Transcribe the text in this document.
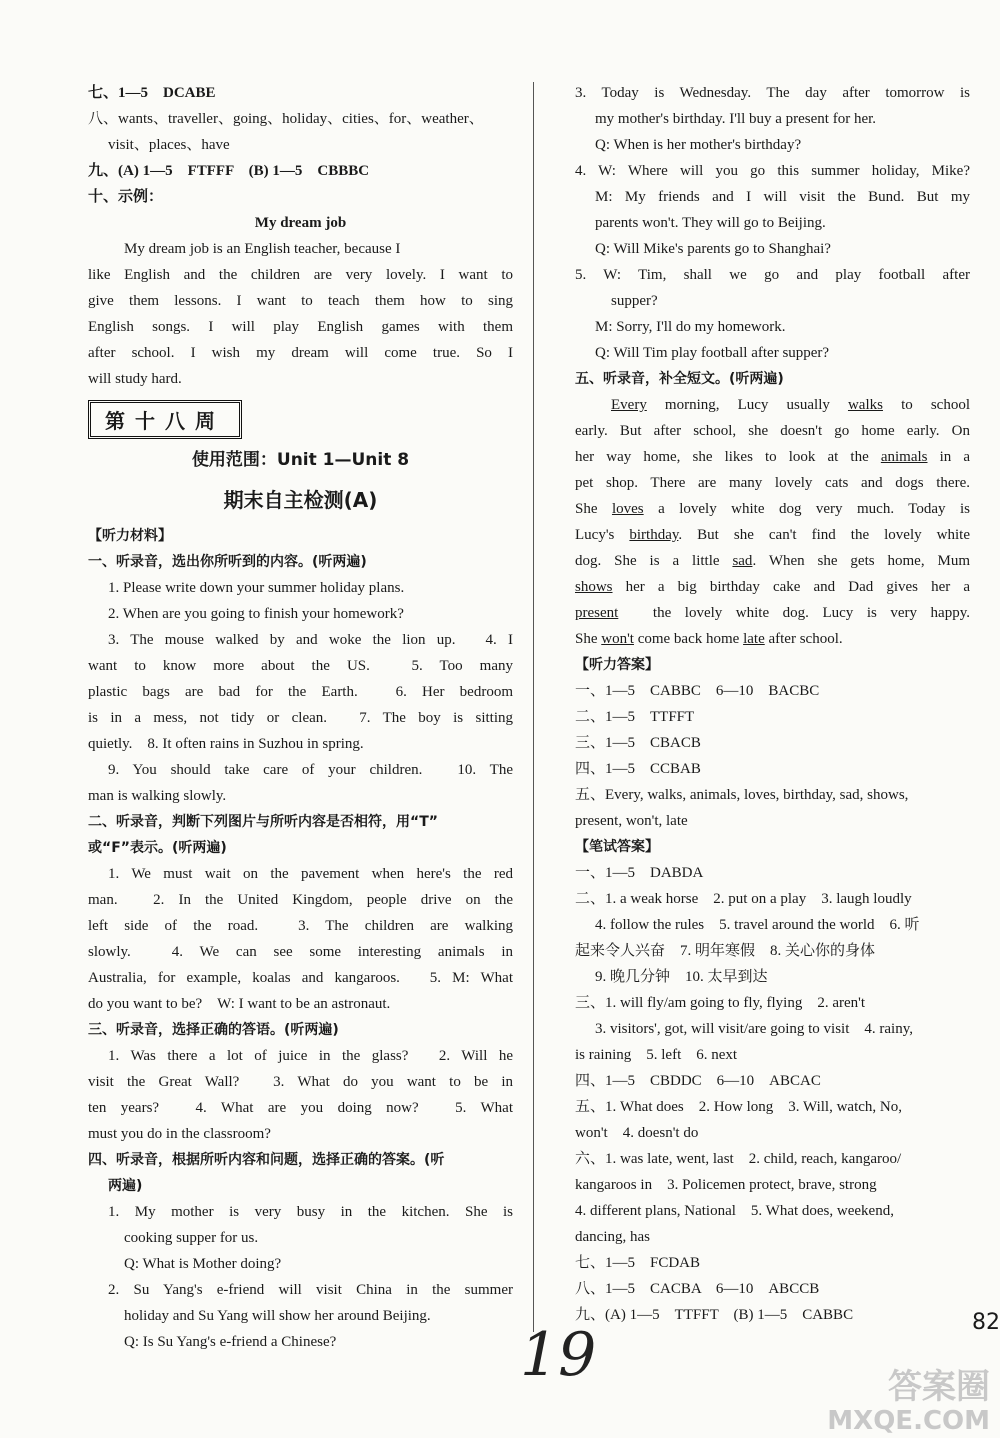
七、1—5　DCABE
八、wants、traveller、going、holiday、cities、for、weather、
visit、places、have
九、(A) 1—5　FTFFF　(B) 1—5　CBBBC
十、示例：
My dream job
My dream job is an English teacher, because I
like English and the children are very lovely. I want to
give them lessons. I want to teach them how to sing
English songs. I will play English games with them
after school. I wish my dream will come true. So I
will study hard.
第十八周
使用范围：Unit 1—Unit 8
期末自主检测(A)
【听力材料】
一、听录音，选出你所听到的内容。(听两遍)
1. Please write down your summer holiday plans.
2. When are you going to finish your homework?
3. The mouse walked by and woke the lion up.　4. I
want to know more about the US.　5. Too many
plastic bags are bad for the Earth.　6. Her bedroom
is in a mess, not tidy or clean.　7. The boy is sitting
quietly.　8. It often rains in Suzhou in spring.
9. You should take care of your children.　10. The
man is walking slowly.
二、听录音，判断下列图片与所听内容是否相符，用“T”
或“F”表示。(听两遍)
1. We must wait on the pavement when here's the red
man.　2. In the United Kingdom, people drive on the
left side of the road.　3. The children are walking
slowly.　4. We can see some interesting animals in
Australia, for example, koalas and kangaroos.　5. M: What
do you want to be?　W: I want to be an astronaut.
三、听录音，选择正确的答语。(听两遍)
1. Was there a lot of juice in the glass?　2. Will he
visit the Great Wall?　3. What do you want to be in
ten years?　4. What are you doing now?　5. What
must you do in the classroom?
四、听录音，根据所听内容和问题，选择正确的答案。(听
两遍)
1. My mother is very busy in the kitchen. She is
cooking supper for us.
Q: What is Mother doing?
2. Su Yang's e-friend will visit China in the summer
holiday and Su Yang will show her around Beijing.
Q: Is Su Yang's e-friend a Chinese?
3. Today is Wednesday. The day after tomorrow is
my mother's birthday. I'll buy a present for her.
Q: When is her mother's birthday?
4. W: Where will you go this summer holiday, Mike?
M: My friends and I will visit the Bund. But my
parents won't. They will go to Beijing.
Q: Will Mike's parents go to Shanghai?
5. W: Tim, shall we go and play football after
supper?
M: Sorry, I'll do my homework.
Q: Will Tim play football after supper?
五、听录音，补全短文。(听两遍)
Every morning, Lucy usually walks to school
early. But after school, she doesn't go home early. On
her way home, she likes to look at the animals in a
pet shop. There are many lovely cats and dogs there.
She loves a lovely white dog very much. Today is
Lucy's birthday. But she can't find the lovely white
dog. She is a little sad. When she gets home, Mum
shows her a big birthday cake and Dad gives her a
present　the lovely white dog. Lucy is very happy.
She won't come back home late after school.
【听力答案】
一、1—5　CABBC　6—10　BACBC
二、1—5　TTFFT
三、1—5　CBACB
四、1—5　CCBAB
五、Every, walks, animals, loves, birthday, sad, shows,
present, won't, late
【笔试答案】
一、1—5　DABDA
二、1. a weak horse　2. put on a play　3. laugh loudly
4. follow the rules　5. travel around the world　6. 听
起来令人兴奋　7. 明年寒假　8. 关心你的身体
9. 晚几分钟　10. 太早到达
三、1. will fly/am going to fly, flying　2. aren't
3. visitors', got, will visit/are going to visit　4. rainy,
is raining　5. left　6. next
四、1—5　CBDDC　6—10　ABCAC
五、1. What does　2. How long　3. Will, watch, No,
won't　4. doesn't do
六、1. was late, went, last　2. child, reach, kangaroo/
kangaroos in　3. Policemen protect, brave, strong
4. different plans, National　5. What does, weekend,
dancing, has
七、1—5　FCDAB
八、1—5　CACBA　6—10　ABCCB
九、(A) 1—5　TTFFT　(B) 1—5　CABBC	82
19	答案圈
MXQE.COM
